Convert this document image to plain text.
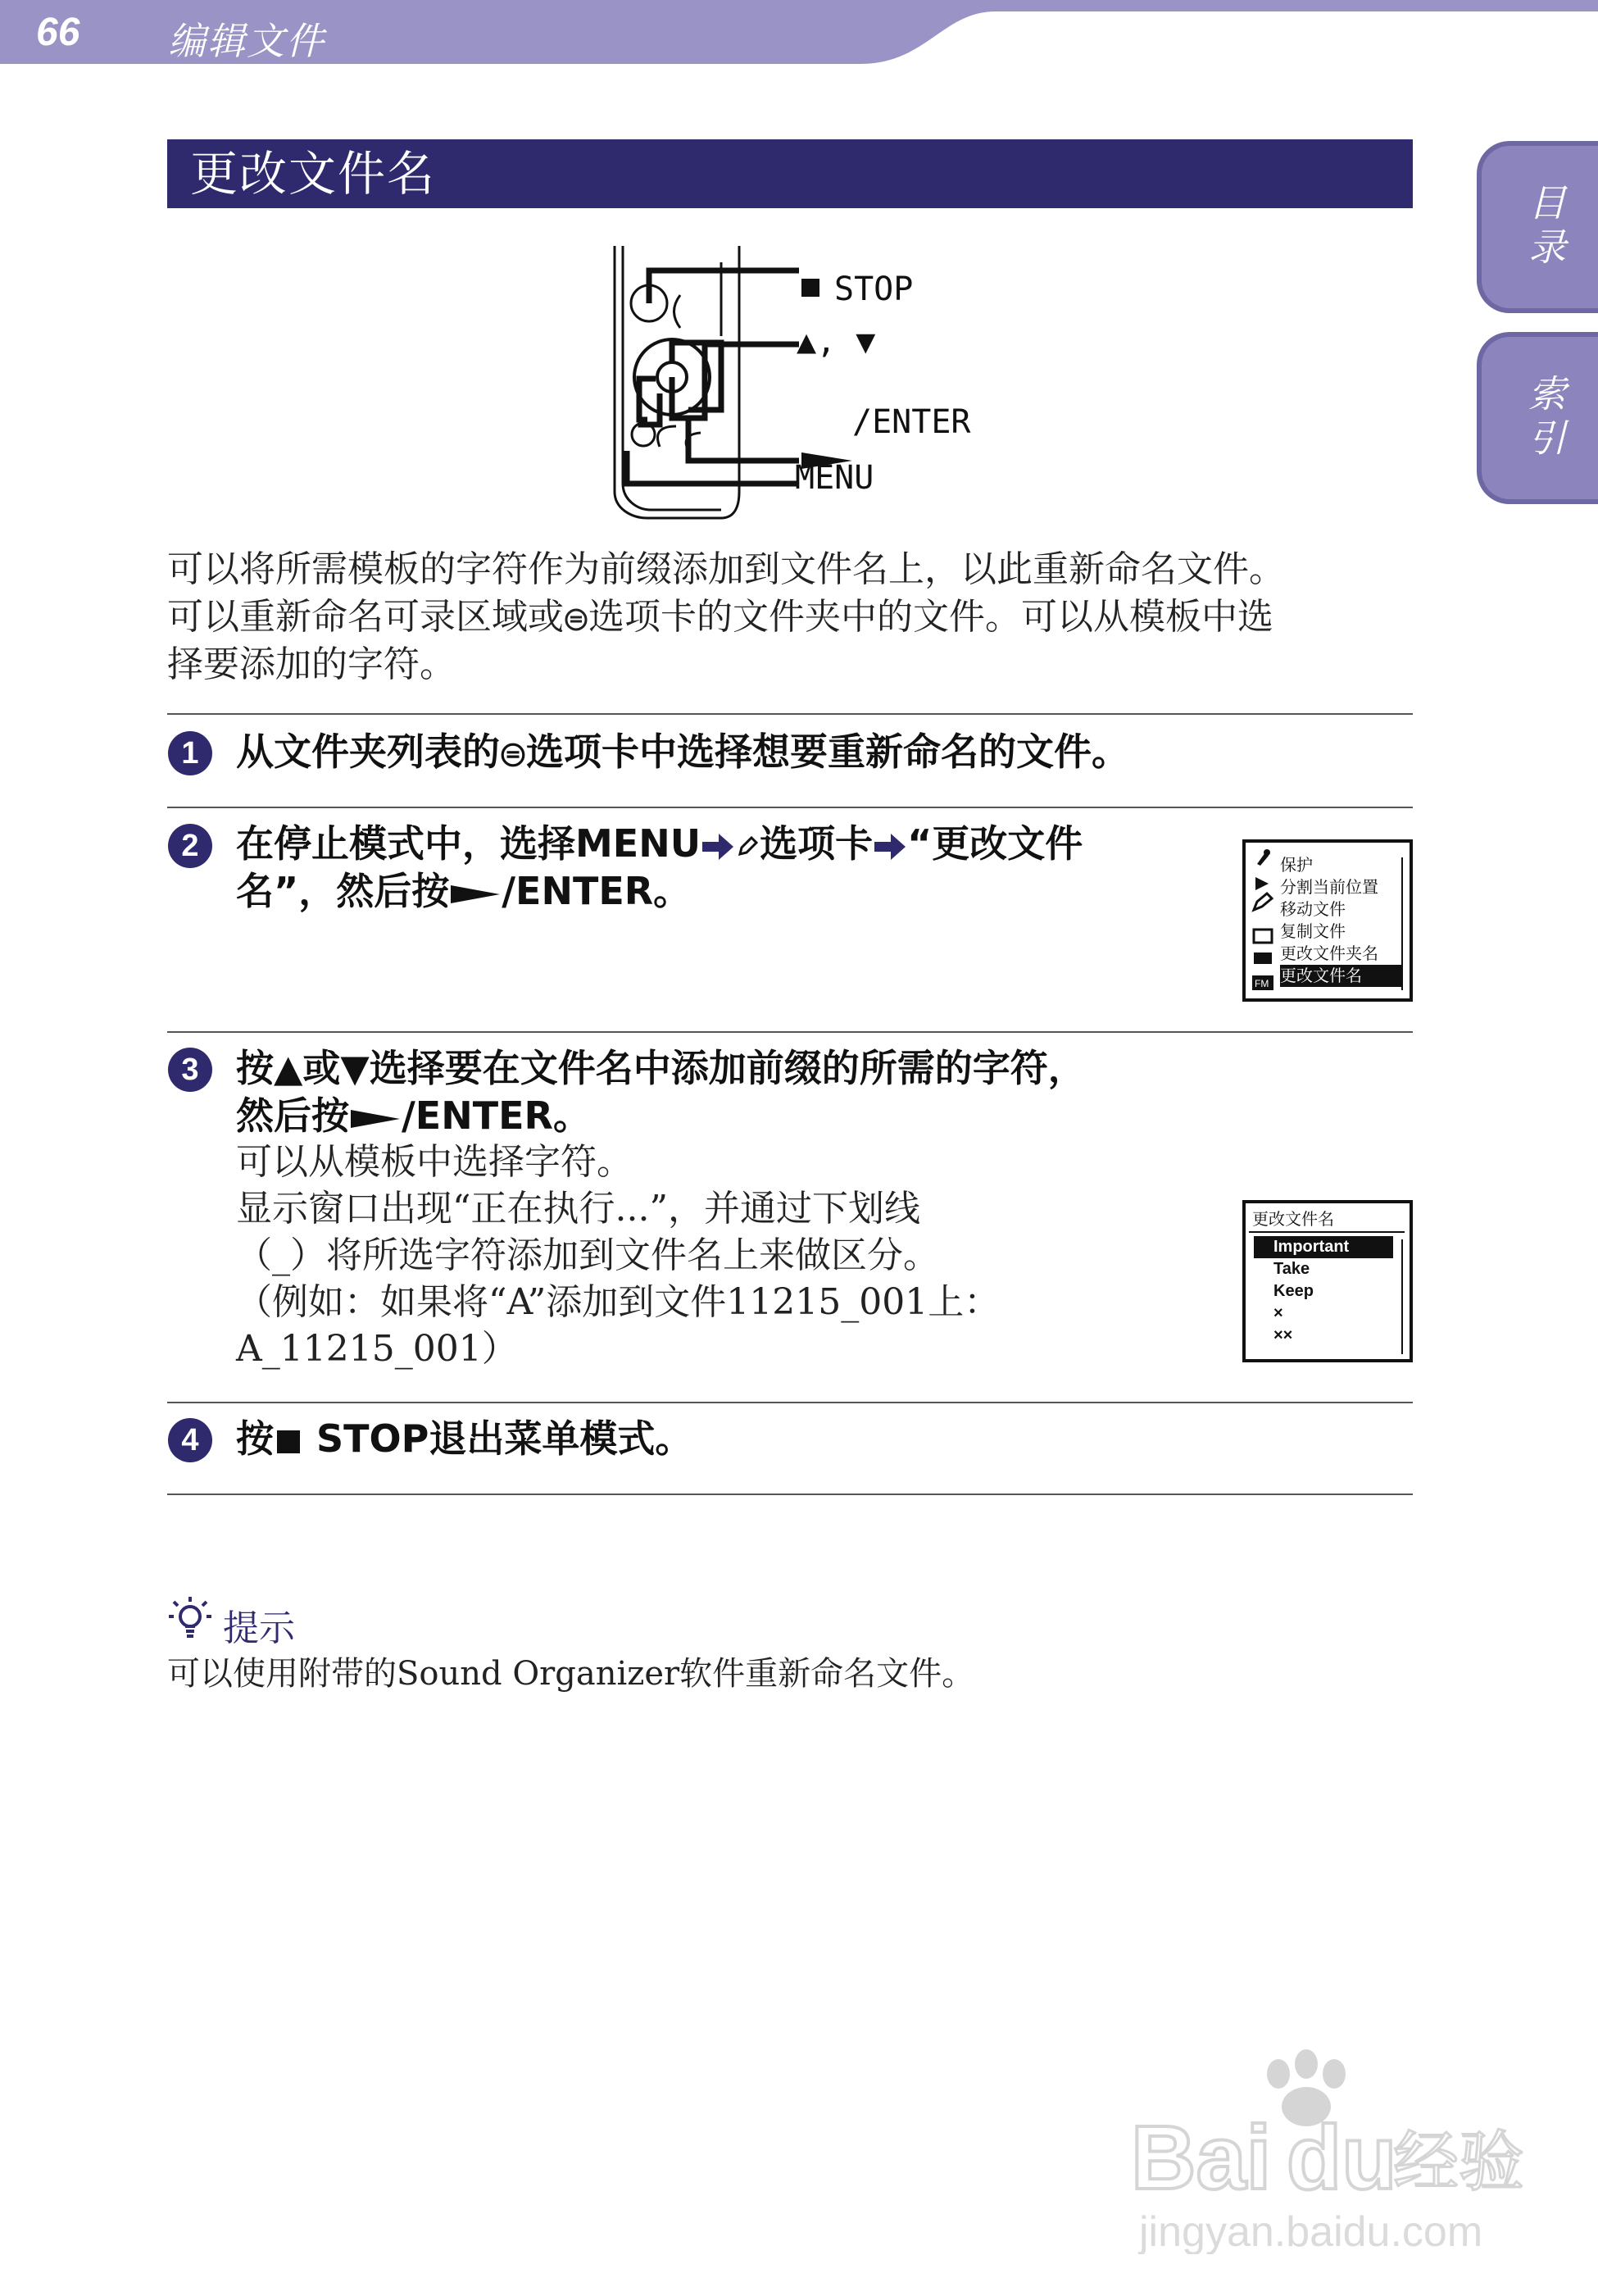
66 编辑文件
目录
索引
更改文件名
STOP
▲, ▼
/ENTER
MENU
可以将所需模板的字符作为前缀添加到文件名上，以此重新命名文件。
可以重新命名可录区域或 选项卡的文件夹中的文件。可以从模板中选
择要添加的字符。
1 从文件夹列表的 选项卡中选择想要重新命名的文件。
2 在停止模式中，选择MENU 选项卡 “更改文件
名”，然后按 /ENTER。
FM
保护
分割当前位置
移动文件
复制文件
更改文件夹名
更改文件名
3 按▲或▼选择要在文件名中添加前缀的所需的字符，
然后按 /ENTER。
可以从模板中选择字符。
显示窗口出现“正在执行...”，并通过下划线
（_）将所选字符添加到文件名上来做区分。
（例如：如果将“A”添加到文件11215_001上：
A_11215_001）
更改文件名
Important
Take
Keep
×
××
4 按 STOP退出菜单模式。
提示
可以使用附带的Sound Organizer软件重新命名文件。
Bai du
经验
jingyan.baidu.com
